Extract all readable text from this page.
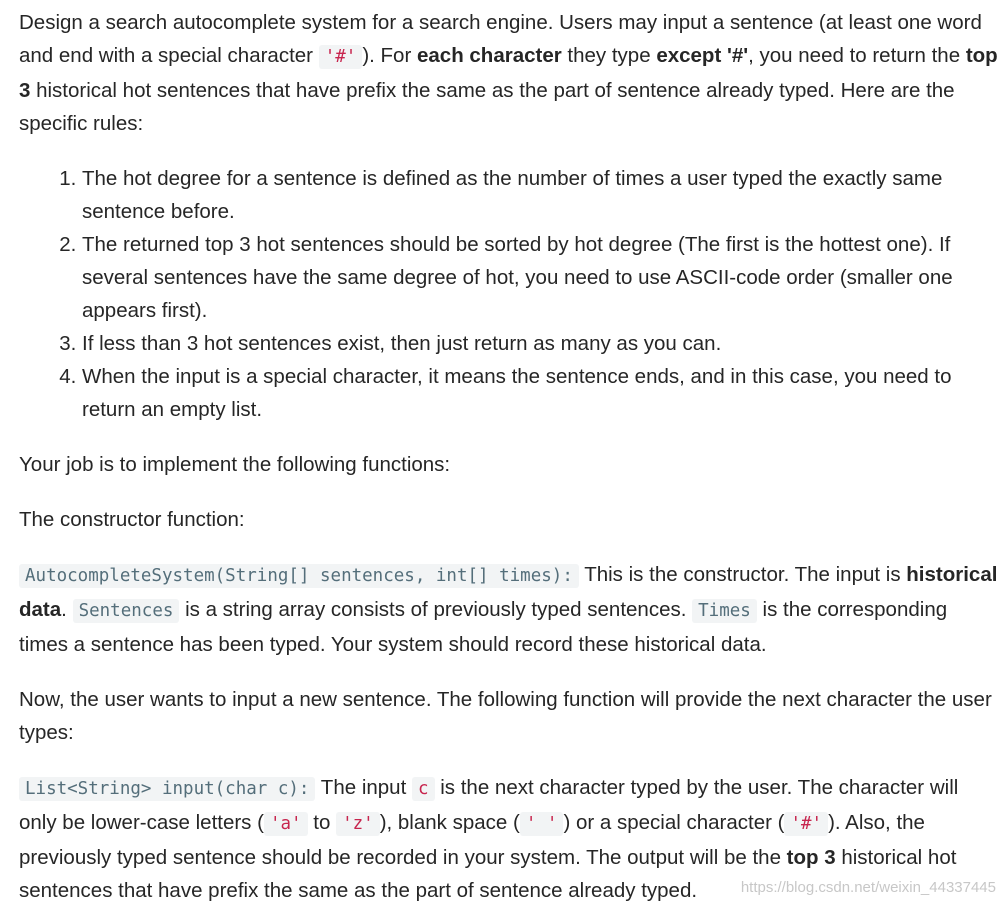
Design a search autocomplete system for a search engine. Users may input a sentence (at least one word and end with a special character '#' ). For each character they type except '#', you need to return the top 3 historical hot sentences that have prefix the same as the part of sentence already typed. Here are the specific rules:

1. The hot degree for a sentence is defined as the number of times a user typed the exactly same sentence before.
2. The returned top 3 hot sentences should be sorted by hot degree (The first is the hottest one). If several sentences have the same degree of hot, you need to use ASCII-code order (smaller one appears first).
3. If less than 3 hot sentences exist, then just return as many as you can.
4. When the input is a special character, it means the sentence ends, and in this case, you need to return an empty list.

Your job is to implement the following functions:

The constructor function:

AutocompleteSystem(String[] sentences, int[] times): This is the constructor. The input is historical data. Sentences is a string array consists of previously typed sentences. Times is the corresponding times a sentence has been typed. Your system should record these historical data.

Now, the user wants to input a new sentence. The following function will provide the next character the user types:

List<String> input(char c): The input c is the next character typed by the user. The character will only be lower-case letters ( 'a' to 'z' ), blank space ( ' ' ) or a special character ( '#' ). Also, the previously typed sentence should be recorded in your system. The output will be the top 3 historical hot sentences that have prefix the same as the part of sentence already typed.	https://blog.csdn.net/weixin_44337445
